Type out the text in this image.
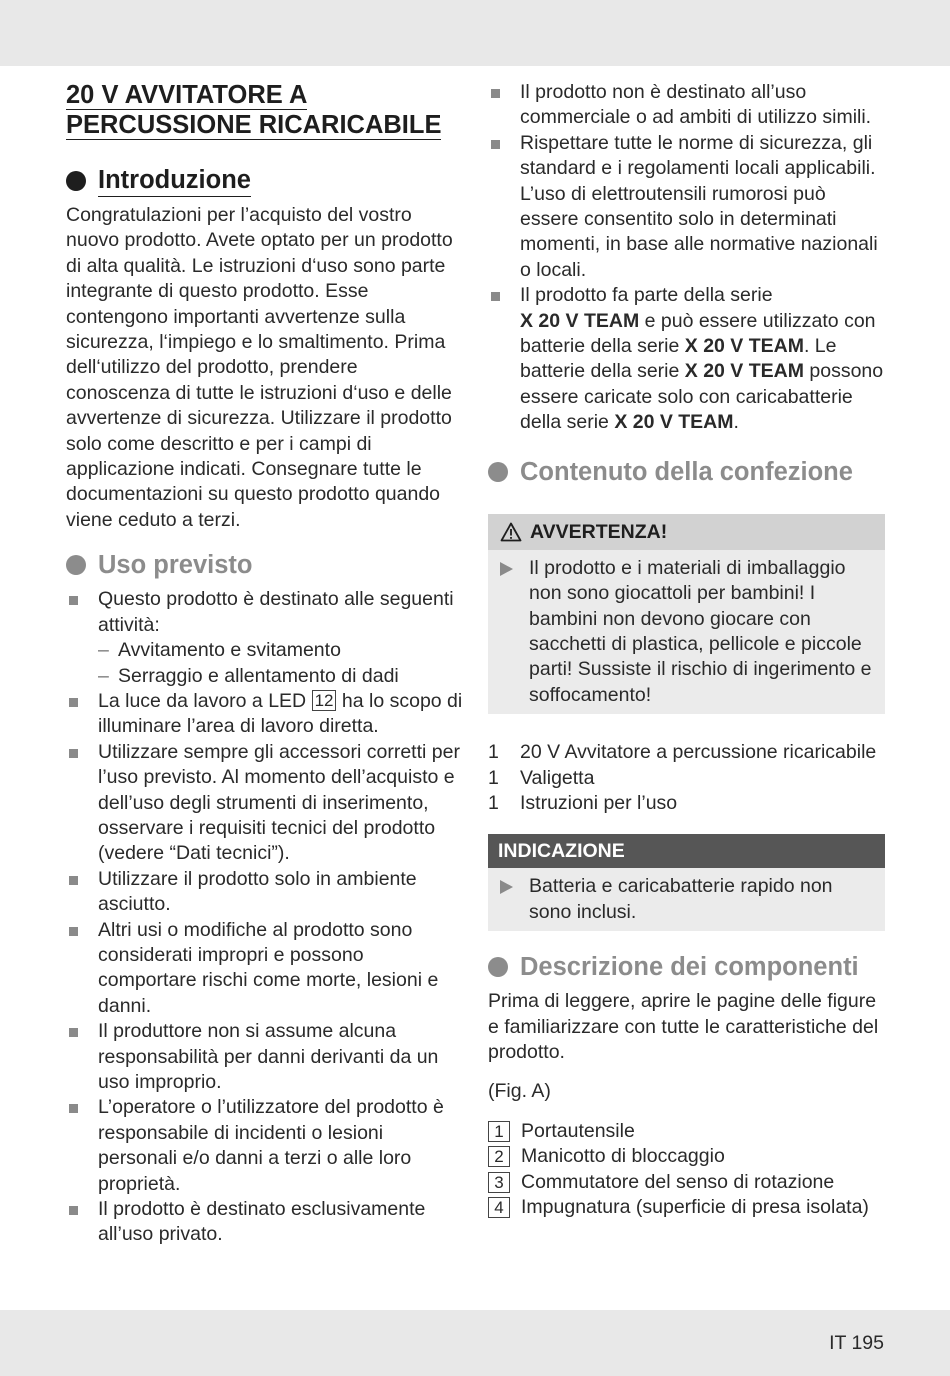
20 V AVVITATORE A
PERCUSSIONE RICARICABILE
Introduzione

Congratulazioni per l’acquisto del vostro nuovo prodotto. Avete optato per un prodotto di alta qualità. Le istruzioni d‘uso sono parte integrante di questo prodotto. Esse contengono importanti avvertenze sulla sicurezza, l‘impiego e lo smaltimento. Prima dell‘utilizzo del prodotto, prendere conoscenza di tutte le istruzioni d‘uso e delle avvertenze di sicurezza. Utilizzare il prodotto solo come descritto e per i campi di applicazione indicati. Consegnare tutte le documentazioni su questo prodotto quando viene ceduto a terzi.

Uso previsto
Questo prodotto è destinato alle seguenti attività:
– Avvitamento e svitamento
– Serraggio e allentamento di dadi
La luce da lavoro a LED 12 ha lo scopo di illuminare l’area di lavoro diretta.
Utilizzare sempre gli accessori corretti per l’uso previsto. Al momento dell’acquisto e dell’uso degli strumenti di inserimento, osservare i requisiti tecnici del prodotto (vedere “Dati tecnici”).
Utilizzare il prodotto solo in ambiente asciutto.
Altri usi o modifiche al prodotto sono considerati impropri e possono comportare rischi come morte, lesioni e danni.
Il produttore non si assume alcuna responsabilità per danni derivanti da un uso improprio.
L’operatore o l’utilizzatore del prodotto è responsabile di incidenti o lesioni personali e/o danni a terzi o alle loro proprietà.
Il prodotto è destinato esclusivamente all’uso privato.
Il prodotto non è destinato all’uso commerciale o ad ambiti di utilizzo simili.
Rispettare tutte le norme di sicurezza, gli standard e i regolamenti locali applicabili. L’uso di elettroutensili rumorosi può essere consentito solo in determinati momenti, in base alle normative nazionali o locali.
Il prodotto fa parte della serie
X 20 V TEAM e può essere utilizzato con batterie della serie X 20 V TEAM. Le batterie della serie X 20 V TEAM possono essere caricate solo con caricabatterie della serie X 20 V TEAM.
Contenuto della confezione
AVVERTENZA!
Il prodotto e i materiali di imballaggio non sono giocattoli per bambini! I bambini non devono giocare con sacchetti di plastica, pellicole e piccole parti! Sussiste il rischio di ingerimento e soffocamento!
1 20 V Avvitatore a percussione ricaricabile
1 Valigetta
1 Istruzioni per l’uso
INDICAZIONE
Batteria e caricabatterie rapido non sono inclusi.
Descrizione dei componenti

Prima di leggere, aprire le pagine delle figure e familiarizzare con tutte le caratteristiche del prodotto.

(Fig. A)

1 Portautensile
2 Manicotto di bloccaggio
3 Commutatore del senso di rotazione
4 Impugnatura (superficie di presa isolata)
IT 195
